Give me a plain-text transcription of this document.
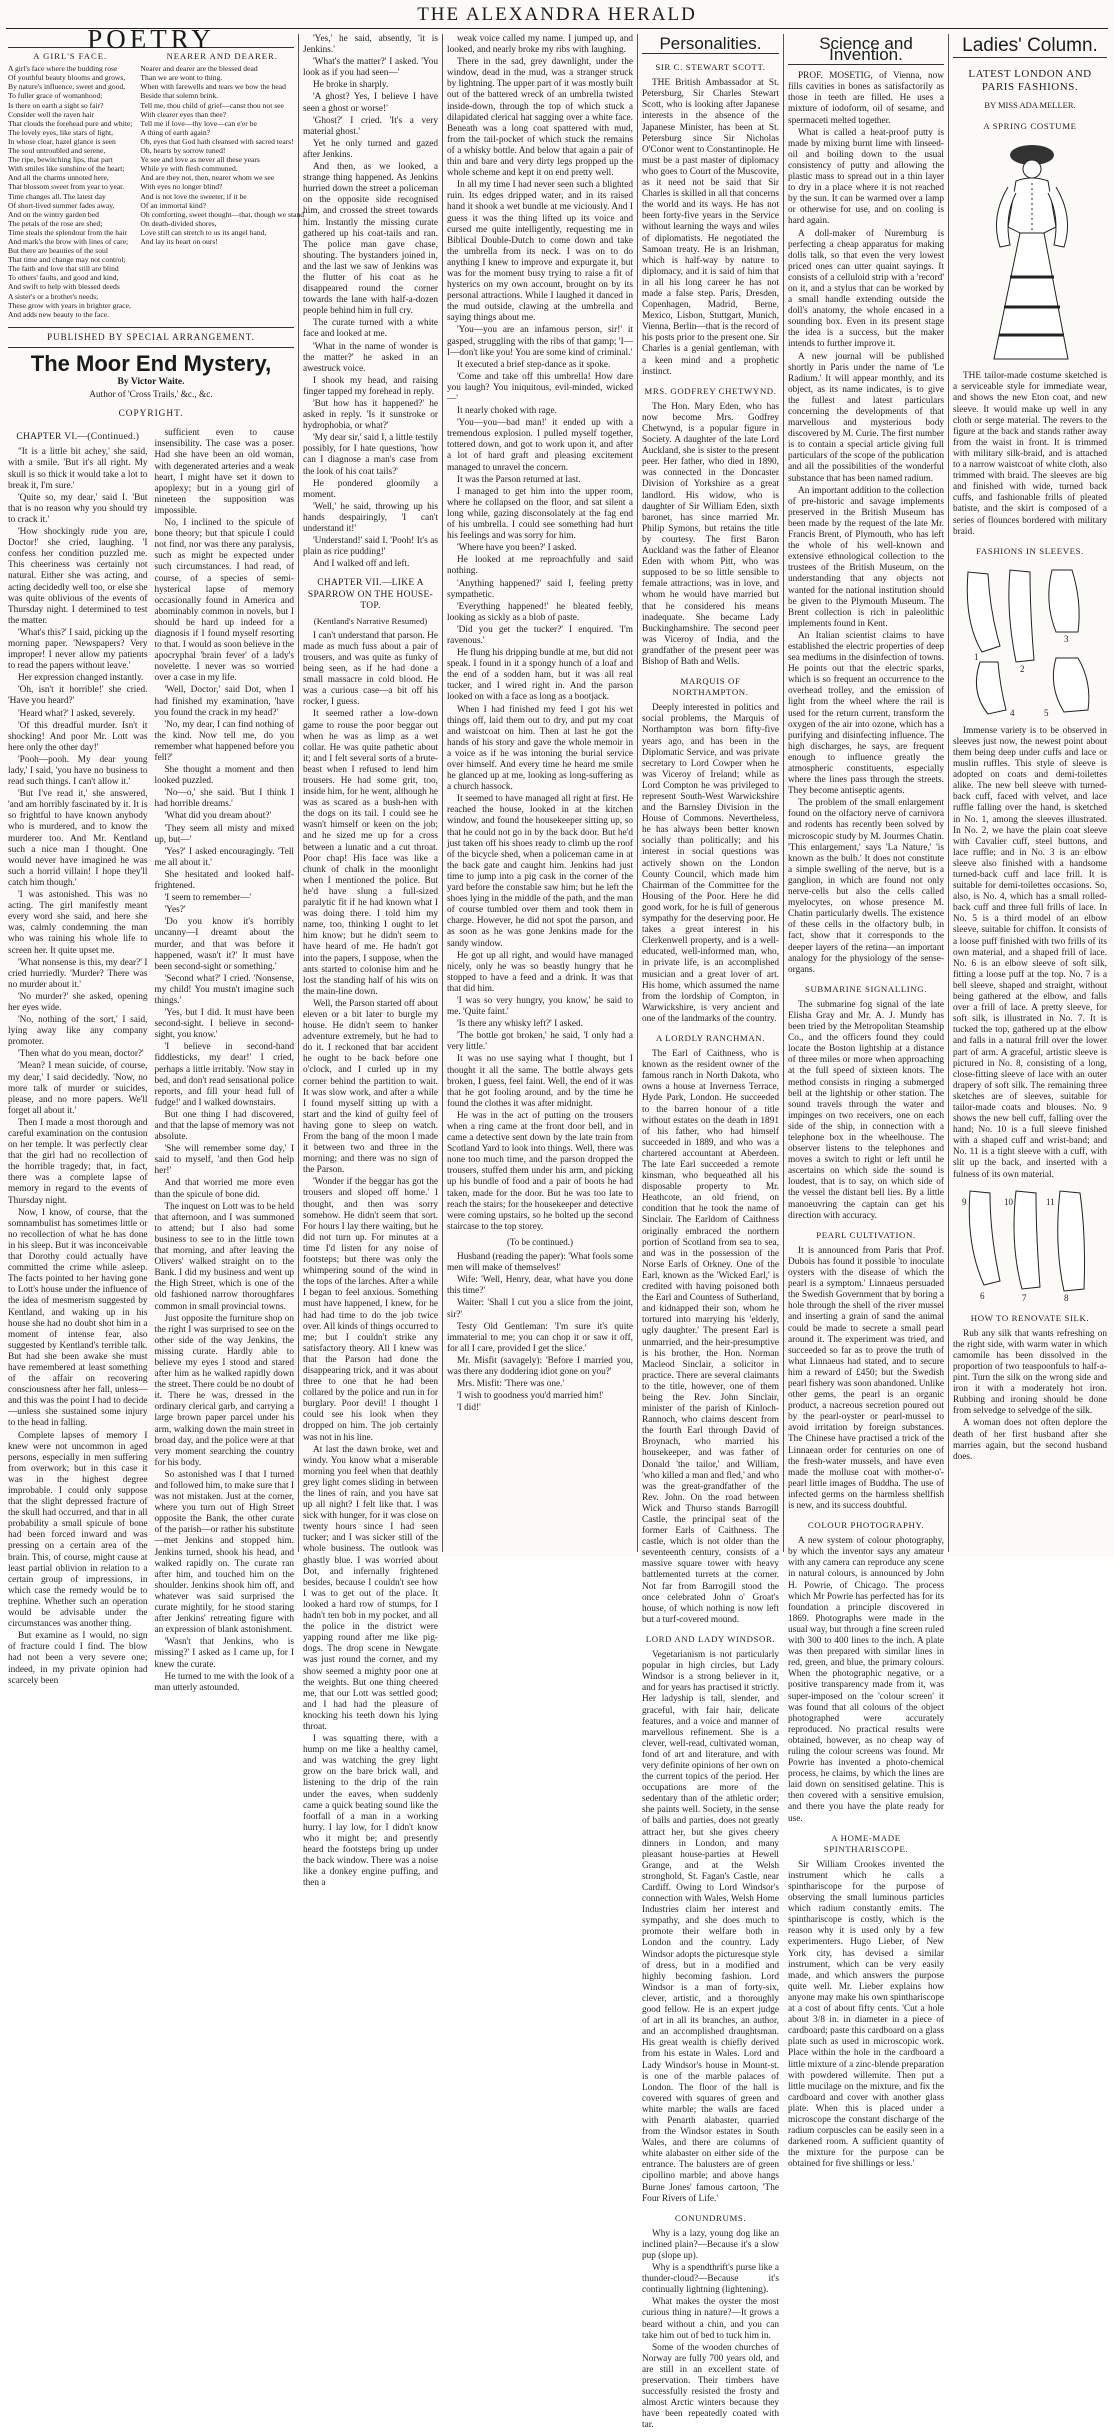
THE ALEXANDRA HERALD
POETRY
A GIRL'S FACE.
A girl's face where the budding rose
Of youthful beauty blooms and grows,
By nature's influence, sweet and good,
To fuller grace of womanhood;
Is there on earth a sight so fair?
Consider well the raven hair
That clouds the forehead pure and white;
The lovely eyes, like stars of light,
In whose clear, hazel glance is seen
The soul untroubled and serene,
The ripe, bewitching lips, that part
With smiles like sunshine of the heart;
And all the charms unnoted here,
That blossom sweet from year to year.
Time changes all. The latest day
Of short-lived summer fades away,
And on the wintry garden bed
The petals of the rose are shed;
Time steals the splendour from the hair
And mark's the brow with lines of care;
But there are beauties of the soul
That time and change may not control;
The faith and love that still are blind
To others' faults, and good and kind,
And swift to help with blessed deeds
A sister's or a brother's needs;
These grow with years in brighter grace,
And adds new beauty to the face.
NEARER AND DEARER.
Nearer and dearer are the blessed dead
Than we are wont to thing.
When with farewells and tears we bow the head
Beside that solemn brink.
Tell me, thou child of grief—canst thou not see
With clearer eyes than thee?
Tell me if love—thy love—can e'er be
A thing of earth again?
Oh, eyes that God hath cleansed with sacred tears!
Oh, hearts by sorrow tuned!
Ye see and love as never all these years
While ye with flesh communed.
And are they not, then, nearer whom we see
With eyes no longer blind?
And is not love the sweeter, if it be
Of an immortal kind?
Oh comforting, sweet thought—that, though we stand
On death-divided shores,
Love still can stretch to us its angel hand,
And lay its heart on ours!
PUBLISHED BY SPECIAL ARRANGEMENT.
The Moor End Mystery,
By Victor Waite.
Author of 'Cross Trails,' &c., &c.
COPYRIGHT.
CHAPTER VI.—(Continued.)

"It is a little bit achey,' she said, with a smile. 'But it's all right. My skull is so thick it would take a lot to break it, I'm sure.'

'Quite so, my dear,' said I. 'But that is no reason why you should try to crack it.'

'How shockingly rude you are, Doctor!' she cried, laughing. 'I confess her condition puzzled me. This cheeriness was certainly not natural. Either she was acting, and acting decidedly well too, or else she was quite oblivious of the events of Thursday night. I determined to test the matter.

'What's this?' I said, picking up the morning paper. 'Newspapers? Very improper! I never allow my patients to read the papers without leave.'

Her expression changed instantly.

'Oh, isn't it horrible!' she cried. 'Have you heard?'

'Heard what?' I asked, severely.

'Of this dreadful murder. Isn't it shocking! And poor Mr. Lott was here only the other day!'

'Pooh—pooh. My dear young lady,' I said, 'you have no business to read such things. I can't allow it.'

'But I've read it,' she answered, 'and am horribly fascinated by it. It is so frightful to have known anybody who is murdered, and to know the murderer too. And Mr. Kentland such a nice man I thought. One would never have imagined he was such a horrid villain! I hope they'll catch him though.'

'I was astonished. This was no acting. The girl manifestly meant every word she said, and here she was, calmly condemning the man who was raining his whole life to screen her. It quite upset me.

'What nonsense is this, my dear?' I cried hurriedly. 'Murder? There was no murder about it.'

'No murder?' she asked, opening her eyes wide.

'No, nothing of the sort,' I said, lying away like any company promoter.

'Then what do you mean, doctor?'

'Mean? I mean suicide, of course, my dear,' I said decidedly. 'Now, no more talk of murder or suicides, please, and no more papers. We'll forget all about it.'

Then I made a most thorough and careful examination on the contusion on her temple. It was perfectly clear that the girl had no recollection of the horrible tragedy; that, in fact, there was a complete lapse of memory in regard to the events of Thursday night.

Now, I know, of course, that the somnambulist has sometimes little or no recollection of what he has done in his sleep. But it was inconceivable that Dorothy could actually have committed the crime while asleep. The facts pointed to her having gone to Lott's house under the influence of the idea of mesmerism suggested by Kentland, and waking up in his house she had no doubt shot him in a moment of intense fear, also suggested by Kentland's terrible talk. But had she been awake she must have remembered at least something of the affair on recovering consciousness after her fall, unless—and this was the point I had to decide—unless she sustained some injury to the head in falling.

Complete lapses of memory I knew were not uncommon in aged persons, especially in men suffering from overwork; but in this case it was in the highest degree improbable. I could only suppose that the slight depressed fracture of the skull had occurred, and that in all probability a small spicule of bone had been forced inward and was pressing on a certain area of the brain. This, of course, might cause at least partial oblivion in relation to a certain group of impressions, in which case the remedy would be to trephine. Whether such an operation would be advisable under the circumstances was another thing.

But examine as I would, no sign of fracture could I find. The blow had not been a very severe one; indeed, in my private opinion had scarcely been

sufficient even to cause insensibility. The case was a poser. Had she have been an old woman, with degenerated arteries and a weak heart, I might have set it down to apoplexy; but in a young girl of nineteen the supposition was impossible.

No, I inclined to the spicule of bone theory; but that spicule I could not find, nor was there any paralysis, such as might be expected under such circumstances. I had read, of course, of a species of semi-hysterical lapse of memory occasionally found in America and abominably common in novels, but I should be hard up indeed for a diagnosis if I found myself resorting to that. I would as soon believe in the apocryphal 'brain fever' of a lady's novelette. I never was so worried over a case in my life.

'Well, Doctor,' said Dot, when I had finished my examination, 'have you found the crack in my head?'

'No, my dear, I can find nothing of the kind. Now tell me, do you remember what happened before you fell?'

She thought a moment and then looked puzzled.

'No—o,' she said. 'But I think I had horrible dreams.'

'What did you dream about?'

'They seem all misty and mixed up, but—'

'Yes?' I asked encouragingly. 'Tell me all about it.'

She hesitated and looked half-frightened.

'I seem to remember—'

'Yes?'

'Do you know it's horribly uncanny—I dreamt about the murder, and that was before it happened, wasn't it?' It must have been second-sight or something.'

'Second what?' I cried. 'Nonsense, my child! You mustn't imagine such things.'

'Yes, but I did. It must have been second-sight. I believe in second-sight, you know.'

'I believe in second-hand fiddlesticks, my dear!' I cried, perhaps a little irritably. 'Now stay in bed, and don't read sensational police reports, and fill your head full of fudge!' and I walked downstairs.

But one thing I had discovered, and that the lapse of memory was not absolute.

'She will remember some day,' I said to myself, 'and then God help her!'

And that worried me more even than the spicule of bone did.

The inquest on Lott was to be held that afternoon, and I was summoned to attend; but I also had some business to see to in the little town that morning, and after leaving the Olivers' walked straight on to the Bank. I did my business and went up the High Street, which is one of the old fashioned narrow thoroughfares common in small provincial towns.

Just opposite the furniture shop on the right I was surprised to see on the other side of the way Jenkins, the missing curate. Hardly able to believe my eyes I stood and stared after him as he walked rapidly down the street. There could be no doubt of it. There he was, dressed in the ordinary clerical garb, and carrying a large brown paper parcel under his arm, walking down the main street in broad day, and the police were at that very moment searching the country for his body.

So astonished was I that I turned and followed him, to make sure that I was not mistaken. Just at the corner, where you turn out of High Street opposite the Bank, the other curate of the parish—or rather his substitute—met Jenkins and stopped him. Jenkins turned, shook his head, and walked rapidly on. The curate ran after him, and touched him on the shoulder. Jenkins shook him off, and whatever was said surprised the curate mightily, for he stood staring after Jenkins' retreating figure with an expression of blank astonishment.

'Wasn't that Jenkins, who is missing?' I asked as I came up, for I knew the curate.

He turned to me with the look of a man utterly astounded.

'Yes,' he said, absently, 'it is Jenkins.'

'What's the matter?' I asked. 'You look as if you had seen—'

He broke in sharply.

'A ghost? Yes, I believe I have seen a ghost or worse!'

'Ghost?' I cried. 'It's a very material ghost.'

Yet he only turned and gazed after Jenkins.

And then, as we looked, a strange thing happened. As Jenkins hurried down the street a policeman on the opposite side recognised him, and crossed the street towards him. Instantly the missing curate gathered up his coat-tails and ran. The police man gave chase, shouting. The bystanders joined in, and the last we saw of Jenkins was the flutter of his coat as he disappeared round the corner towards the lane with half-a-dozen people behind him in full cry.

The curate turned with a white face and looked at me.

'What in the name of wonder is the matter?' he asked in an awestruck voice.

I shook my head, and raising finger tapped my forehead in reply.

'But how has it happened?' he asked in reply. 'Is it sunstroke or hydrophobia, or what?'

'My dear sir,' said I, a little testily possibly, for I hate questions, 'how can I diagnose a man's case from the look of his coat tails?'

He pondered gloomily a moment.

'Well,' he said, throwing up his hands despairingly, 'I can't understand it!'

'Understand!' said I. 'Pooh! It's as plain as rice pudding!'

And I walked off and left.

CHAPTER VII.—LIKE A SPARROW ON THE HOUSE-TOP.
(Kentland's Narrative Resumed)

I can't understand that parson. He made as much fuss about a pair of trousers, and was quite as funky of being seen, as if he had done a small massacre in cold blood. He was a curious case—a bit off his rocker, I guess.

It seemed rather a low-down game to rouse the poor beggar out when he was as limp as a wet collar. He was quite pathetic about it; and I felt several sorts of a brute-beast when I refused to lend him trousers. He had some grit, too, inside him, for he went, although he was as scared as a bush-hen with the dogs on its tail. I could see he wasn't himself or keen on the job; and he sized me up for a cross between a lunatic and a cut throat. Poor chap! His face was like a chunk of chalk in the moonlight when I mentioned the police. But he'd have slung a full-sized paralytic fit if he had known what I was doing there. I told him my name, too, thinking I ought to let him know; but he didn't seem to have heard of me. He hadn't got into the papers, I suppose, when the ants started to colonise him and he lost the standing half of his wits on the main-line down.

Well, the Parson started off about eleven or a bit later to burgle my house. He didn't seem to hanker adventure extremely, but he had to do it. I reckoned that bar accident he ought to be back before one o'clock, and I curled up in my corner behind the partition to wait. It was slow work, and after a while I found myself sitting up with a start and the kind of guilty feel of having gone to sleep on watch. From the bang of the moon I made it between two and three in the morning; and there was no sign of the Parson.

'Wonder if the beggar has got the trousers and sloped off home.' I thought, and then was sorry somehow. He didn't seem that sort. For hours I lay there waiting, but he did not turn up. For minutes at a time I'd listen for any noise of footsteps; but there was only the whimpering sound of the wind in the tops of the larches. After a while I began to feel anxious. Something must have happened, I knew, for he had had time to do the job twice over. All kinds of things occurred to me; but I couldn't strike any satisfactory theory. All I knew was that the Parson had done the disappearing trick, and it was about three to one that he had been collared by the police and run in for burglary. Poor devil! I thought I could see his look when they dropped on him. The job certainly was not in his line.

At last the dawn broke, wet and windy. You know what a miserable morning you feel when that deathly grey light comes sliding in between the lines of rain, and you have sat up all night? I felt like that. I was sick with hunger, for it was close on twenty hours since I had seen tucker; and I was sicker still of the whole business. The outlook was ghastly blue. I was worried about Dot, and infernally frightened besides, because I couldn't see how I was to get out of the place. It looked a hard row of stumps, for I hadn't ten bob in my pocket, and all the police in the district were yapping round after me like pig-dogs. The drop scene in Newgate was just round the corner, and my show seemed a mighty poor one at the weights. But one thing cheered me, that our Lott was settled good; and I had had the pleasure of knocking his teeth down his lying throat.

I was squatting there, with a hump on me like a healthy camel, and was watching the grey light grow on the bare brick wall, and listening to the drip of the rain under the eaves, when suddenly came a quick beating sound like the footfall of a man in a working hurry. I lay low, for I didn't know who it might be; and presently heard the footsteps bring up under the back window. There was a noise like a donkey engine puffing, and then a

weak voice called my name. I jumped up, and looked, and nearly broke my ribs with laughing.

There in the sad, grey dawnlight, under the window, dead in the mud, was a stranger struck by lightning. The upper part of it was mostly built out of the battered wreck of an umbrella twisted inside-down, through the top of which stuck a dilapidated clerical hat sagging over a white face. Beneath was a long coat spattered with mud, from the tail-pocket of which stuck the remains of a whisky bottle. And below that again a pair of thin and bare and very dirty legs propped up the whole scheme and kept it on end pretty well.

In all my time I had never seen such a blighted ruin. Its edges dripped water, and in its raised hand it shook a wet bundle at me viciously. And I guess it was the thing lifted up its voice and cursed me quite intelligently, requesting me in Biblical Double-Dutch to come down and take the umbrella from its neck. I was on to do anything I knew to improve and expurgate it, but was for the moment busy trying to raise a fit of hysterics on my own account, brought on by its personal attractions. While I laughed it danced in the mud outside, clawing at the umbrella and saying things about me.

'You—you are an infamous person, sir!' it gasped, struggling with the ribs of that gamp; 'I—I—don't like you! You are some kind of criminal.'

It executed a brief step-dance as it spoke.

'Come and take off this umbrella! How dare you laugh? You iniquitous, evil-minded, wicked—'

It nearly choked with rage.

'You—you—bad man!' it ended up with a tremendous explosion. I pulled myself together, tottered down, and got to work upon it, and after a lot of hard graft and pleasing excitement managed to unravel the concern.

It was the Parson returned at last.

I managed to get him into the upper room, where he collapsed on the floor, and sat silent a long while, gazing disconsolately at the fag end of his umbrella. I could see something had hurt his feelings and was sorry for him.

'Where have you been?' I asked.

He looked at me reproachfully and said nothing.

'Anything happened?' said I, feeling pretty sympathetic.

'Everything happened!' he bleated feebly, looking as sickly as a blob of paste.

'Did you get the tucker?' I enquired. 'I'm ravenous.'

He flung his dripping bundle at me, but did not speak. I found in it a spongy hunch of a loaf and the end of a sodden ham, but it was all real tucker, and I wired right in. And the parson looked on with a face as long as a bootjack.

When I had finished my feed I got his wet things off, laid them out to dry, and put my coat and waistcoat on him. Then at last he got the hands of his story and gave the whole memoir in a voice as if he was intoning the burial service over himself. And every time he heard me smile he glanced up at me, looking as long-suffering as a church hassock.

It seemed to have managed all right at first. He reached the house, looked in at the kitchen window, and found the housekeeper sitting up, so that he could not go in by the back door. But he'd just taken off his shoes ready to climb up the roof of the bicycle shed, when a policeman came in at the back gate and caught him. Jenkins had just time to jump into a pig cask in the corner of the yard before the constable saw him; but he left the shoes lying in the middle of the path, and the man of course tumbled over them and took them in charge. However, he did not spot the parson, and as soon as he was gone Jenkins made for the sandy window.

He got up all right, and would have managed nicely, only he was so beastly hungry that he stopped to have a feed and a drink. It was that that did him.

'I was so very hungry, you know,' he said to me. 'Quite faint.'

'Is there any whisky left?' I asked.

'The bottle got broken,' he said, 'I only had a very little.'

It was no use saying what I thought, but I thought it all the same. The bottle always gets broken, I guess, feel faint. Well, the end of it was that he got fooling around, and by the time he found the clothes it was after midnight.

He was in the act of putting on the trousers when a ring came at the front door bell, and in came a detective sent down by the late train from Scotland Yard to look into things. Well, there was none too much time, and the parson dropped the trousers, stuffed them under his arm, and picking up his bundle of food and a pair of boots he had taken, made for the door. But he was too late to reach the stairs; for the housekeeper and detective were coming upstairs, so he bolted up the second staircase to the top storey.

(To be continued.)

Husband (reading the paper): 'What fools some men will make of themselves!'

Wife: 'Well, Henry, dear, what have you done this time?'

Waiter: 'Shall I cut you a slice from the joint, sir?'

Testy Old Gentleman: 'I'm sure it's quite immaterial to me; you can chop it or saw it off, for all I care, provided I get the slice.'

Mr. Misfit (savagely): 'Before I married you, was there any doddering idiot gone on you?'

Mrs. Misfit: 'There was one.'

'I wish to goodness you'd married him!'

'I did!'

Personalities.
SIR C. STEWART SCOTT.

THE British Ambassador at St. Petersburg, Sir Charles Stewart Scott, who is looking after Japanese interests in the absence of the Japanese Minister, has been at St. Petersburg since Sir Nicholas O'Conor went to Constantinople. He must be a past master of diplomacy who goes to Court of the Muscovite, as it need not be said that Sir Charles is skilled in all that concerns the world and its ways. He has not been forty-five years in the Service without learning the ways and wiles of diplomatists. He negotiated the Samoan treaty. He is an Irishman, which is half-way by nature to diplomacy, and it is said of him that in all his long career he has not made a false step. Paris, Dresden, Copenhagen, Madrid, Berne, Mexico, Lisbon, Stuttgart, Munich, Vienna, Berlin—that is the record of his posts prior to the present one. Sir Charles is a genial gentleman, with a keen mind and a prophetic instinct.

MRS. GODFREY CHETWYND.

The Hon. Mary Eden, who has now become Mrs. Godfrey Chetwynd, is a popular figure in Society. A daughter of the late Lord Auckland, she is sister to the present peer. Her father, who died in 1890, was connected in the Doncaster Division of Yorkshire as a great landlord. His widow, who is daughter of Sir William Eden, sixth baronet, has since married Mr. Philip Symons, but retains the title by courtesy. The first Baron Auckland was the father of Eleanor Eden with whom Pitt, who was supposed to be so little sensible to female attractions, was in love, and whom he would have married but that he considered his means inadequate. She became Lady Buckinghamshire. The second peer was Viceroy of India, and the grandfather of the present peer was Bishop of Bath and Wells.

MARQUIS OF NORTHAMPTON.

Deeply interested in politics and social problems, the Marquis of Northampton was born fifty-five years ago, and has been in the Diplomatic Service, and was private secretary to Lord Cowper when he was Viceroy of Ireland; while as Lord Compton he was privileged to represent South-West Warwickshire and the Barnsley Division in the House of Commons. Nevertheless, he has always been better known socially than politically; and his interest in social questions was actively shown on the London County Council, which made him Chairman of the Committee for the Housing of the Poor. Here he did good work, for he is full of generous sympathy for the deserving poor. He takes a great interest in his Clerkenwell property, and is a well-educated, well-informed man, who, in private life, is an accomplished musician and a great lover of art. His home, which assumed the name from the lordship of Compton, in Warwickshire, is very ancient and one of the landmarks of the country.

A LORDLY RANCHMAN.

The Earl of Caithness, who is known as the resident owner of the famous ranch in North Dakota, who owns a house at Inverness Terrace, Hyde Park, London. He succeeded to the barren honour of a title without estates on the death in 1891 of his father, who had himself succeeded in 1889, and who was a chartered accountant at Aberdeen. The late Earl succeeded a remote kinsman, who bequeathed all his disposable property to Mr. Heathcote, an old friend, on condition that he took the name of Sinclair. The Earldom of Caithness originally embraced the northern portion of Scotland from sea to sea, and was in the possession of the Norse Earls of Orkney. One of the Earl, known as the 'Wicked Earl,' is credited with having poisoned both the Earl and Countess of Sutherland, and kidnapped their son, whom he tortured into marrying his 'elderly, ugly daughter.' The present Earl is unmarried, and the heir-presumptive is his brother, the Hon. Norman Macleod Sinclair, a solicitor in practice. There are several claimants to the title, however, one of them being the Rev. John Sinclair, minister of the parish of Kinloch-Rannoch, who claims descent from the fourth Earl through David of Broynach, who married his housekeeper, and was father of Donald 'the tailor,' and William, 'who killed a man and fled,' and who was the great-grandfather of the Rev. John. On the road between Wick and Thurso stands Barrogill Castle, the principal seat of the former Earls of Caithness. The castle, which is not older than the seventeenth century, consists of a massive square tower with heavy battlemented turrets at the corner. Not far from Barrogill stood the once celebrated John o' Groat's house, of which nothing is now left but a turf-covered mound.

LORD AND LADY WINDSOR.

Vegetarianism is not particularly popular in high circles, but Lady Windsor is a strong believer in it, and for years has practised it strictly. Her ladyship is tall, slender, and graceful, with fair hair, delicate features, and a voice and manner of marvellous refinement. She is a clever, well-read, cultivated woman, fond of art and literature, and with very definite opinions of her own on the current topics of the period. Her occupations are more of the sedentary than of the athletic order; she paints well. Society, in the sense of balls and parties, does not greatly attract her, but she gives cheery dinners in London, and many pleasant house-parties at Hewell Grange, and at the Welsh stronghold, St. Fagan's Castle, near Cardiff. Owing to Lord Windsor's connection with Wales, Welsh Home Industries claim her interest and sympathy, and she does much to promote their welfare both in London and the country. Lady Windsor adopts the picturesque style of dress, but in a modified and highly becoming fashion. Lord Windsor is a man of forty-six, clever, artistic, and a thoroughly good fellow. He is an expert judge of art in all its branches, an author, and an accomplished draughtsman. His great wealth is chiefly derived from his estate in Wales. Lord and Lady Windsor's house in Mount-st. is one of the marble palaces of London. The floor of the hall is covered with squares of green and white marble; the walls are faced with Penarth alabaster, quarried from the Windsor estates in South Wales, and there are columns of white alabaster on either side of the entrance. The balusters are of green cipollino marble; and above hangs Burne Jones' famous cartoon, 'The Four Rivers of Life.'

CONUNDRUMS.

Why is a lazy, young dog like an inclined plain?—Because it's a slow pup (slope up).

Why is a spendthrift's purse like a thunder-cloud?—Because it's continually lightning (lightening).

What makes the oyster the most curious thing in nature?—It grows a beard without a chin, and you can take him out of bed to tuck him in.

Some of the wooden churches of Norway are fully 700 years old, and are still in an excellent state of preservation. Their timbers have successfully resisted the frosty and almost Arctic winters because they have been repeatedly coated with tar.

Science and Invention.

PROF. MOSETIG, of Vienna, now fills cavities in bones as satisfactorily as those in teeth are filled. He uses a mixture of iodoform, oil of sesame, and spermaceti melted together.

What is called a heat-proof putty is made by mixing burnt lime with linseed-oil and boiling down to the usual consistency of putty and allowing the plastic mass to spread out in a thin layer to dry in a place where it is not reached by the sun. It can be warmed over a lamp or otherwise for use, and on cooling is hard again.

A doll-maker of Nuremburg is perfecting a cheap apparatus for making dolls talk, so that even the very lowest priced ones can utter quaint sayings. It consists of a celluloid strip with a 'record' on it, and a stylus that can be worked by a small handle extending outside the doll's anatomy, the whole encased in a sounding box. Even in its present stage the idea is a success, but the maker intends to further improve it.

A new journal will be published shortly in Paris under the name of 'Le Radium.' It will appear monthly, and its object, as its name indicates, is to give the fullest and latest particulars concerning the developments of that marvellous and mysterious body discovered by M. Curie. The first number is to contain a special article giving full particulars of the scope of the publication and all the possibilities of the wonderful substance that has been named radium.

An important addition to the collection of pre-historic and savage implements preserved in the British Museum has been made by the request of the late Mr. Francis Brent, of Plymouth, who has left the whole of his well-known and extensive ethnological collection to the trustees of the British Museum, on the understanding that any objects not wanted for the national institution should be given to the Plymouth Museum. The Brent collection is rich in paleolithic implements found in Kent.

An Italian scientist claims to have established the electric properties of deep sea mediums in the disinfection of towns. He points out that the electric sparks, which is so frequent an occurrence to the overhead trolley, and the emission of light from the wheel where the rail is used for the return current, transform the oxygen of the air into ozone, which has a purifying and disinfecting influence. The high discharges, he says, are frequent enough to influence greatly the atmospheric constituents, especially where the lines pass through the streets. They become antiseptic agents.

The problem of the small enlargement found on the olfactory nerve of carnivora and rodents has recently been solved by microscopic study by M. Jourmes Chatin. 'This enlargement,' says 'La Nature,' 'is known as the bulb.' It does not constitute a simple swelling of the nerve, but is a ganglion, in which are found not only nerve-cells but also the cells called myelocytes, on whose presence M. Chatin particularly dwells. The existence of these cells in the olfactory bulb, in fact, show that it corresponds to the deeper layers of the retina—an important analogy for the physiology of the sense-organs.

SUBMARINE SIGNALLING.

The submarine fog signal of the late Elisha Gray and Mr. A. J. Mundy has been tried by the Metropolitan Steamship Co., and the officers found they could locate the Boston lightship at a distance of three miles or more when approaching at the full speed of sixteen knots. The method consists in ringing a submerged bell at the lightship or other station. The sound travels through the water and impinges on two receivers, one on each side of the ship, in connection with a telephone box in the wheelhouse. The observer listens to the telephones and moves a switch to right or left until he ascertains on which side the sound is loudest, that is to say, on which side of the vessel the distant bell lies. By a little manoeuvring the captain can get his direction with accuracy.

PEARL CULTIVATION.

It is announced from Paris that Prof. Dubois has found it possible 'to inoculate oysters with the disease of which the pearl is a symptom.' Linnaeus persuaded the Swedish Government that by boring a hole through the shell of the river mussel and inserting a grain of sand the animal could be made to secrete a small pearl around it. The experiment was tried, and succeeded so far as to prove the truth of what Linnaeus had stated, and to secure him a reward of £450; but the Swedish pearl fishery was soon abandoned. Unlike other gems, the pearl is an organic product, a nacreous secretion poured out by the pearl-oyster or pearl-mussel to avoid irritation by foreign substances. The Chinese have practised a trick of the Linnaean order for centuries on one of the fresh-water mussels, and have even made the molluse coat with mother-o'-pearl little images of Buddha. The use of infected germs on the harmless shellfish is new, and its success doubtful.

COLOUR PHOTOGRAPHY.

A new system of colour photography, by which the inventor says any amateur with any camera can reproduce any scene in natural colours, is announced by John H. Powrie, of Chicago. The process which Mr Powrie has perfected has for its foundation a principle discovered in 1869. Photographs were made in the usual way, but through a fine screen ruled with 300 to 400 lines to the inch. A plate was then prepared with similar lines in red, green, and blue, the primary colours. When the photographic negative, or a positive transparency made from it, was super-imposed on the 'colour screen' it was found that all colours of the object photographed were accurately reproduced. No practical results were obtained, however, as no cheap way of ruling the colour screens was found. Mr Powrie has invented a photo-chemical process, he claims, by which the lines are laid down on sensitised gelatine. This is then covered with a sensitive emulsion, and there you have the plate ready for use.

A HOME-MADE SPINTHARISCOPE.

Sir William Crookes invented the instrument which he calls a spinthariscope for the purpose of observing the small luminous particles which radium constantly emits. The spinthariscope is costly, which is the reason why it is used only by a few experimenters. Hugo Lieber, of New York city, has devised a similar instrument, which can be very easily made, and which answers the purpose quite well. Mr. Lieber explains how anyone may make his own spinthariscope at a cost of about fifty cents. 'Cut a hole about 3/8 in. in diameter in a piece of cardboard; paste this cardboard on a glass plate such as used in microscopic work. Place within the hole in the cardboard a little mixture of a zinc-blende preparation with powdered willemite. Then put a little mucilage on the mixture, and fix the cardboard and cover with another glass plate. When this is placed under a microscope the constant discharge of the radium corpuscles can be easily seen in a darkened room. A sufficient quantity of the mixture for the purpose can be obtained for five shillings or less.'

Ladies' Column.
LATEST LONDON AND PARIS FASHIONS.
BY MISS ADA MELLER.
A SPRING COSTUME

THE tailor-made costume sketched is a serviceable style for immediate wear, and shows the new Eton coat, and new sleeve. It would make up well in any cloth or serge material. The revers to the figure at the back and stands rather away from the waist in front. It is trimmed with military silk-braid, and is attached to a narrow waistcoat of white cloth, also trimmed with braid. The sleeves are big and finished with wide, turned back cuffs, and fashionable frills of pleated batiste, and the skirt is composed of a series of flounces bordered with military braid.

FASHIONS IN SLEEVES.
1
2
3
4	5

Immense variety is to be observed in sleeves just now, the newest point about them being deep under cuffs and lace or muslin ruffles. This style of sleeve is adopted on coats and demi-toilettes alike. The new bell sleeve with turned-back cuff, faced with velvet, and lace ruffle falling over the hand, is sketched in No. 1, among the sleeves illustrated. In No. 2, we have the plain coat sleeve with Cavalier cuff, steel buttons, and lace ruffle; and in No. 3 is an elbow sleeve also finished with a handsome turned-back cuff and lace frill. It is suitable for demi-toilettes occasions. So, also, is No. 4, which has a small rolled-back cuff and three full frills of lace. In No. 5 is a third model of an elbow sleeve, suitable for chiffon. It consists of a loose puff finished with two frills of its own material, and a shaped frill of lace. No. 6 is an elbow sleeve of soft silk, fitting a loose puff at the top. No. 7 is a bell sleeve, shaped and straight, without being gathered at the elbow, and falls over a frill of lace. A pretty sleeve, for soft silk, is illustrated in No. 7. It is tucked the top, gathered up at the elbow and falls in a natural frill over the lower part of arm. A graceful, artistic sleeve is pictured in No. 8, consisting of a long, close-fitting sleeve of lace with an outer drapery of soft silk. The remaining three sketches are of sleeves, suitable for tailor-made coats and blouses. No. 9 shows the new bell cuff, falling over the hand; No. 10 is a full sleeve finished with a shaped cuff and wrist-band; and No. 11 is a tight sleeve with a cuff, with slit up the back, and inserted with a fulness of its own material.

6	7	8
9	10	11
HOW TO RENOVATE SILK.

Rub any silk that wants refreshing on the right side, with warm water in which camomile has been dissolved in the proportion of two teaspoonfuls to half-a-pint. Turn the silk on the wrong side and iron it with a moderately hot iron. Rubbing and ironing should be done from selvedge to selvedge of the silk.

A woman does not often deplore the death of her first husband after she marries again, but the second husband does.
